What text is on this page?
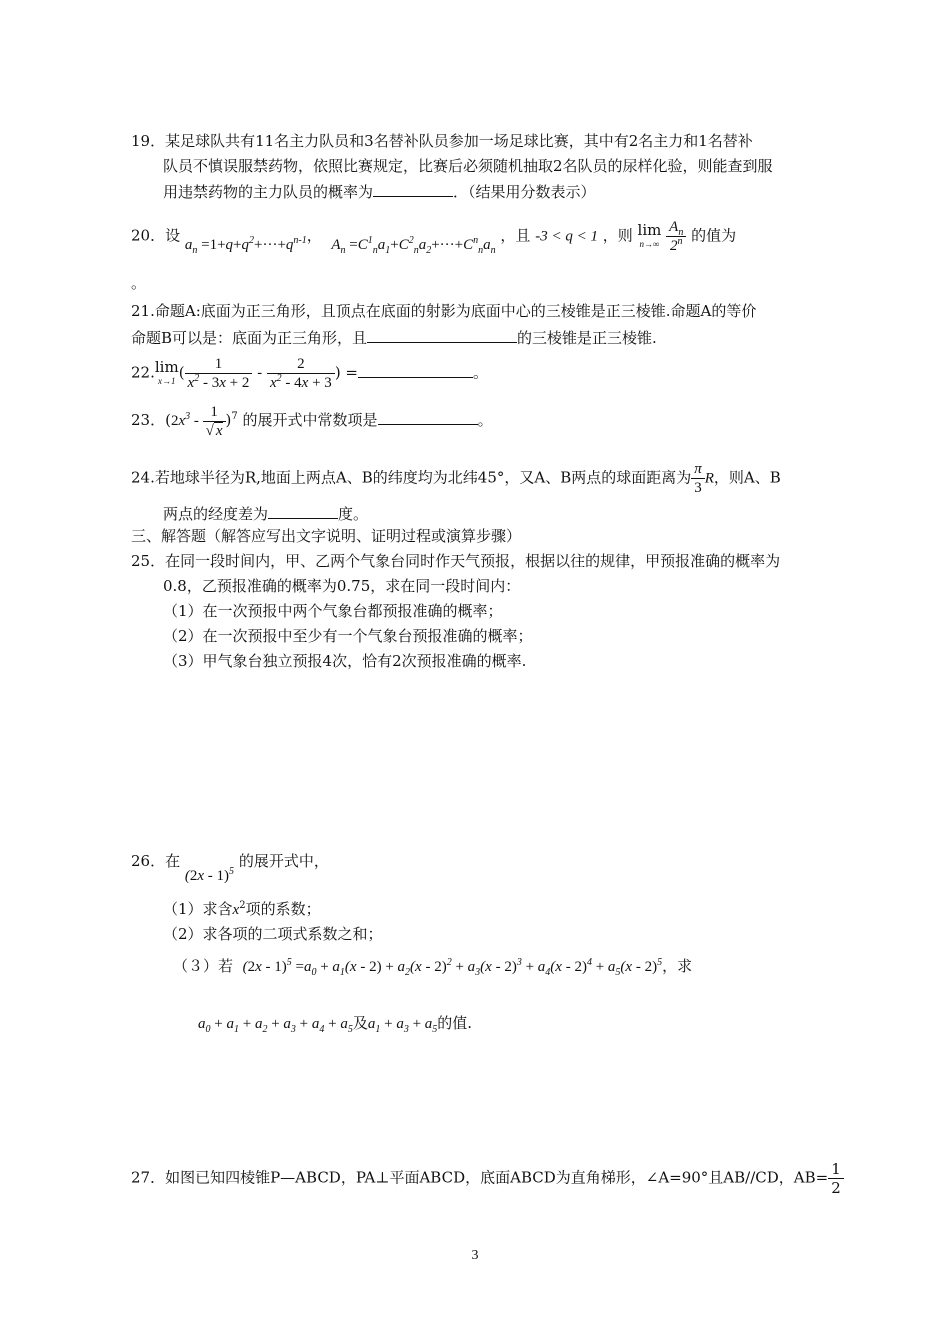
19．某足球队共有11名主力队员和3名替补队员参加一场足球比赛，其中有2名主力和1名替补
队员不慎误服禁药物，依照比赛规定，比赛后必须随机抽取2名队员的尿样化验，则能查到服
用违禁药物的主力队员的概率为	．（结果用分数表示）
20．设 $a_n =1+q+q^2+\cdot\cdot\cdot+q^{n-1}$， $A_n =C^1_na_1+C^2_na_2+\cdot\cdot\cdot+C^n_na_n$ ，且 -3 < q < 1 ，则 lim
n→∞
$\frac{A_n}{2^n}$ 的值为
。
21.命题A:底面为正三角形，且顶点在底面的射影为底面中心的三棱锥是正三棱锥.命题A的等价
命题B可以是：底面为正三角形，且	的三棱锥是正三棱锥.
22.lim
x→1 ( $\frac{1}{x^2 - 3x + 2} - \frac{2}{x^2 - 4x + 3}$ ) =	。
23．$(2x^3 - \frac{1}{√ x} )^7$ 的展开式中常数项是	。
24.若地球半径为R,地面上两点A、B的纬度均为北纬45°，又A、B两点的球面距离为 $\frac{\pi}{3}$ R，则A、B
两点的经度差为	度。
三、解答题（解答应写出文字说明、证明过程或演算步骤）
25．在同一段时间内，甲、乙两个气象台同时作天气预报，根据以往的规律，甲预报准确的概率为
0.8，乙预报准确的概率为0.75，求在同一段时间内：
（1）在一次预报中两个气象台都预报准确的概率；
（2）在一次预报中至少有一个气象台预报准确的概率；
（3）甲气象台独立预报4次，恰有2次预报准确的概率.
26．在 (2x - 1)$^5$ 的展开式中，
（1）求含$x^2$项的系数；
（2）求各项的二项式系数之和；
（３）若 $(2x - 1)^5 =a_0 + a_1(x - 2) + a_2(x - 2)^2 + a_3(x - 2)^3 + a_4(x - 2)^4 + a_5(x - 2)^5$，求
$a_0 + a_1 + a_2 + a_3 + a_4 + a_5$及$a_1 + a_3 + a_5$的值.
27．如图已知四棱锥P—ABCD，PA⊥平面ABCD，底面ABCD为直角梯形，∠A=90°且AB//CD，$AB= \frac{1}{2}$
3
